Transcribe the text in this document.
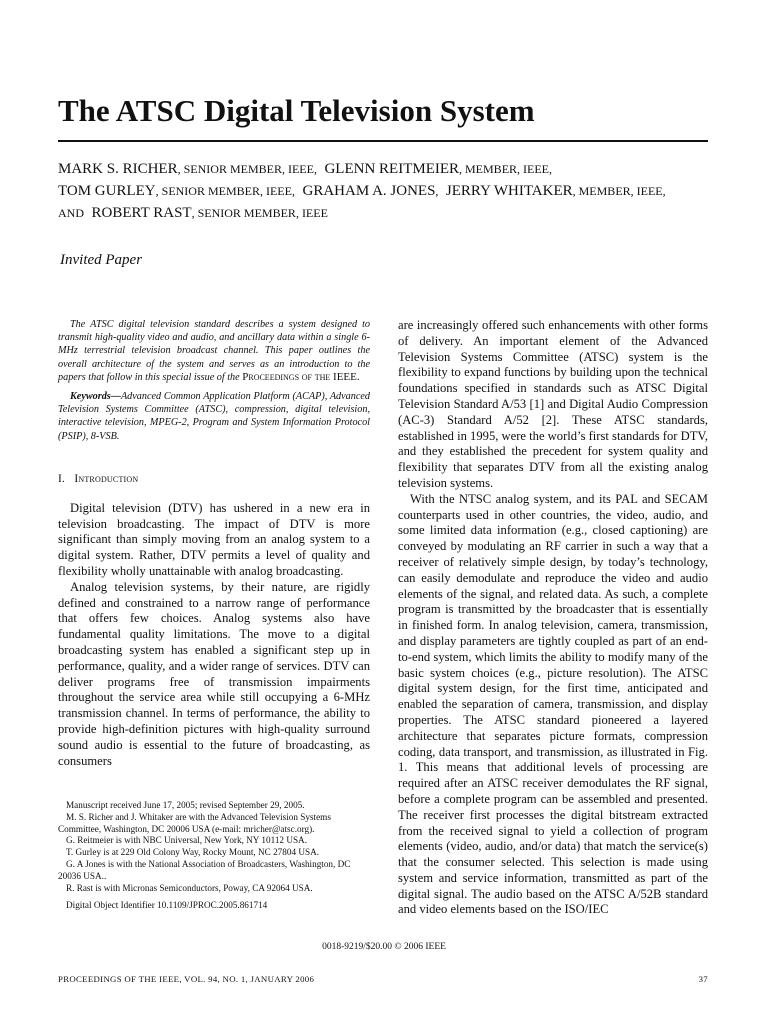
The ATSC Digital Television System
MARK S. RICHER, SENIOR MEMBER, IEEE, GLENN REITMEIER, MEMBER, IEEE,
TOM GURLEY, SENIOR MEMBER, IEEE, GRAHAM A. JONES, JERRY WHITAKER, MEMBER, IEEE,
AND ROBERT RAST, SENIOR MEMBER, IEEE
Invited Paper

The ATSC digital television standard describes a system designed to transmit high-quality video and audio, and ancillary data within a single 6-MHz terrestrial television broadcast channel. This paper outlines the overall architecture of the system and serves as an introduction to the papers that follow in this special issue of the Proceedings of the IEEE.

Keywords—Advanced Common Application Platform (ACAP), Advanced Television Systems Committee (ATSC), compression, digital television, interactive television, MPEG-2, Program and System Information Protocol (PSIP), 8-VSB.

I. Introduction

Digital television (DTV) has ushered in a new era in television broadcasting. The impact of DTV is more significant than simply moving from an analog system to a digital system. Rather, DTV permits a level of quality and flexibility wholly unattainable with analog broadcasting.

Analog television systems, by their nature, are rigidly defined and constrained to a narrow range of performance that offers few choices. Analog systems also have fundamental quality limitations. The move to a digital broadcasting system has enabled a significant step up in performance, quality, and a wider range of services. DTV can deliver programs free of transmission impairments throughout the service area while still occupying a 6-MHz transmission channel. In terms of performance, the ability to provide high-definition pictures with high-quality surround sound audio is essential to the future of broadcasting, as consumers

are increasingly offered such enhancements with other forms of delivery. An important element of the Advanced Television Systems Committee (ATSC) system is the flexibility to expand functions by building upon the technical foundations specified in standards such as ATSC Digital Television Standard A/53 [1] and Digital Audio Compression (AC-3) Standard A/52 [2]. These ATSC standards, established in 1995, were the world’s first standards for DTV, and they established the precedent for system quality and flexibility that separates DTV from all the existing analog television systems.

With the NTSC analog system, and its PAL and SECAM counterparts used in other countries, the video, audio, and some limited data information (e.g., closed captioning) are conveyed by modulating an RF carrier in such a way that a receiver of relatively simple design, by today’s technology, can easily demodulate and reproduce the video and audio elements of the signal, and related data. As such, a complete program is transmitted by the broadcaster that is essentially in finished form. In analog television, camera, transmission, and display parameters are tightly coupled as part of an end-to-end system, which limits the ability to modify many of the basic system choices (e.g., picture resolution). The ATSC digital system design, for the first time, anticipated and enabled the separation of camera, transmission, and display properties. The ATSC standard pioneered a layered architecture that separates picture formats, compression coding, data transport, and transmission, as illustrated in Fig. 1. This means that additional levels of processing are required after an ATSC receiver demodulates the RF signal, before a complete program can be assembled and presented. The receiver first processes the digital bitstream extracted from the received signal to yield a collection of program elements (video, audio, and/or data) that match the service(s) that the consumer selected. This selection is made using system and service information, transmitted as part of the digital signal. The audio based on the ATSC A/52B standard and video elements based on the ISO/IEC

Manuscript received June 17, 2005; revised September 29, 2005.
M. S. Richer and J. Whitaker are with the Advanced Television Systems Committee, Washington, DC 20006 USA (e-mail: mricher@atsc.org).
G. Reitmeier is with NBC Universal, New York, NY 10112 USA.
T. Gurley is at 229 Old Colony Way, Rocky Mount, NC 27804 USA.
G. A Jones is with the National Association of Broadcasters, Washington, DC 20036 USA..
R. Rast is with Micronas Semiconductors, Poway, CA 92064 USA.
Digital Object Identifier 10.1109/JPROC.2005.861714
0018-9219/$20.00 © 2006 IEEE
PROCEEDINGS OF THE IEEE, VOL. 94, NO. 1, JANUARY 2006	37
